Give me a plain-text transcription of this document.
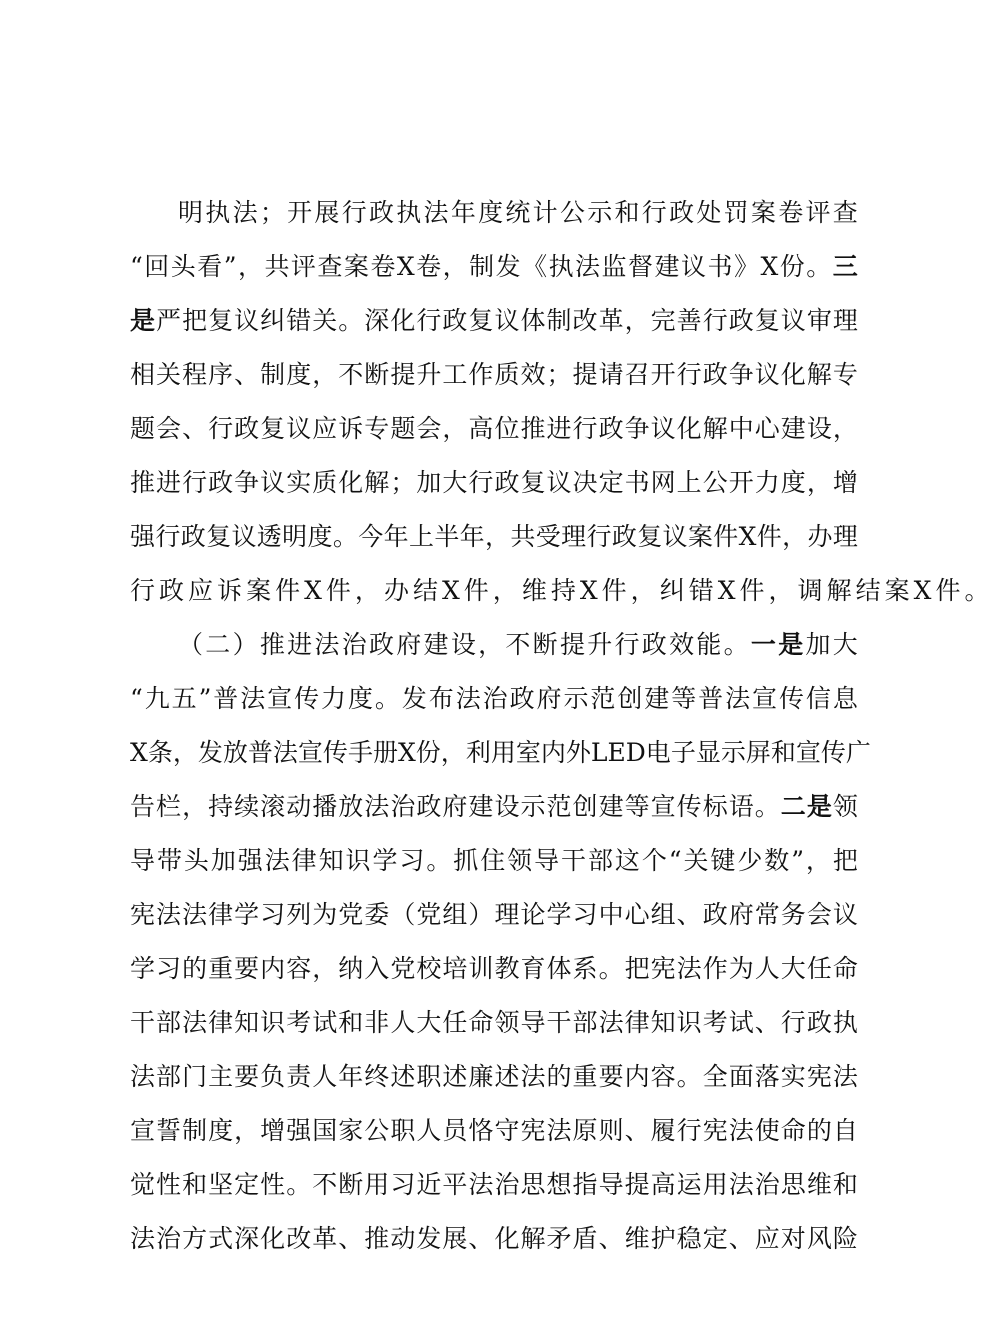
明 执 法 ； 开 展 行 政 执 法 年 度 统 计 公 示 和 行 政 处 罚 案 卷 评 查
“ 回 头 看 ” ， 共 评 查 案 卷 X 卷 ， 制 发 《 执 法 监 督 建 议 书 》 X 份 。 三
是 严 把 复 议 纠 错 关 。 深 化 行 政 复 议 体 制 改 革 ， 完 善 行 政 复 议 审 理
相 关 程 序 、 制 度 ， 不 断 提 升 工 作 质 效 ； 提 请 召 开 行 政 争 议 化 解 专
题 会 、 行 政 复 议 应 诉 专 题 会 ， 高 位 推 进 行 政 争 议 化 解 中 心 建 设 ，
推 进 行 政 争 议 实 质 化 解 ； 加 大 行 政 复 议 决 定 书 网 上 公 开 力 度 ， 增
强 行 政 复 议 透 明 度 。 今 年 上 半 年 ， 共 受 理 行 政 复 议 案 件 X 件 ， 办 理
行 政 应 诉 案 件 X 件 ， 办 结 X 件 ， 维 持 X 件 ， 纠 错 X 件 ， 调 解 结 案 X 件 。
（ 二 ） 推 进 法 治 政 府 建 设 ， 不 断 提 升 行 政 效 能 。 一 是 加 大
“ 九 五 ” 普 法 宣 传 力 度 。 发 布 法 治 政 府 示 范 创 建 等 普 法 宣 传 信 息
X 条 ， 发 放 普 法 宣 传 手 册 X 份 ， 利 用 室 内 外 L E D 电 子 显 示 屏 和 宣 传 广
告 栏 ， 持 续 滚 动 播 放 法 治 政 府 建 设 示 范 创 建 等 宣 传 标 语 。 二 是 领
导 带 头 加 强 法 律 知 识 学 习 。 抓 住 领 导 干 部 这 个 “ 关 键 少 数 ” ， 把
宪 法 法 律 学 习 列 为 党 委 （ 党 组 ） 理 论 学 习 中 心 组 、 政 府 常 务 会 议
学 习 的 重 要 内 容 ， 纳 入 党 校 培 训 教 育 体 系 。 把 宪 法 作 为 人 大 任 命
干 部 法 律 知 识 考 试 和 非 人 大 任 命 领 导 干 部 法 律 知 识 考 试 、 行 政 执
法 部 门 主 要 负 责 人 年 终 述 职 述 廉 述 法 的 重 要 内 容 。 全 面 落 实 宪 法
宣 誓 制 度 ， 增 强 国 家 公 职 人 员 恪 守 宪 法 原 则 、 履 行 宪 法 使 命 的 自
觉 性 和 坚 定 性 。 不 断 用 习 近 平 法 治 思 想 指 导 提 高 运 用 法 治 思 维 和
法 治 方 式 深 化 改 革 、 推 动 发 展 、 化 解 矛 盾 、 维 护 稳 定 、 应 对 风 险
